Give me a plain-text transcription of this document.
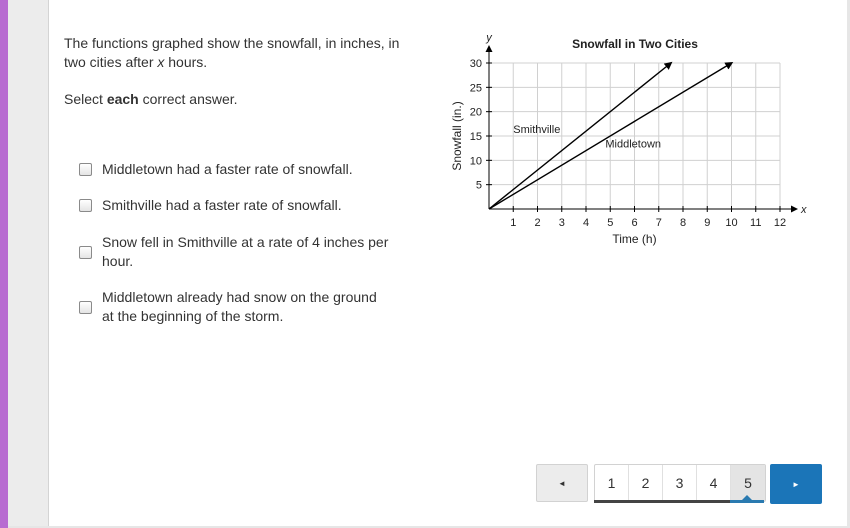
The functions graphed show the snowfall, in inches, in two cities after x hours.

Select each correct answer.
Middletown had a faster rate of snowfall.
Smithville had a faster rate of snowfall.
Snow fell in Smithville at a rate of 4 inches per hour.
Middletown already had snow on the ground at the beginning of the storm.
1 2 3 4 5 6 7 8 9 10 11 12
5
10
15
20
25
30
x
y	Snowfall in Two Cities
Time (h)
Snowfall (in.)	Smithville
Middletown
◄	1	2	3	4	5	►
